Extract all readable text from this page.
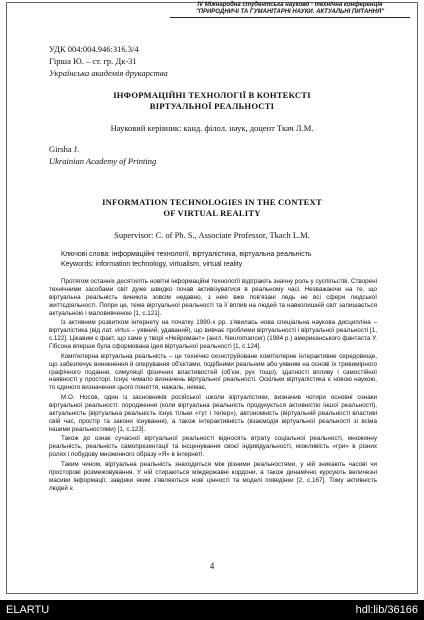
IV Міжнародна студентська науково - технічна конференція
"ПРИРОДНИЧІ ТА ГУМАНІТАРНІ НАУКИ. АКТУАЛЬНІ ПИТАННЯ"
УДК 004:004.946:316.3/4
Гірша Ю. – ст. гр. Дк-31
Українська академія друкарства
ІНФОРМАЦІЙНІ ТЕХНОЛОГІЇ В КОНТЕКСТІ
ВІРТУАЛЬНОЇ РЕАЛЬНОСТІ
Науковий керівник: канд. філол. наук, доцент Ткач Л.М.
Girsha J.
Ukrainian Academy of Printing
INFORMATION TECHNOLOGIES IN THE CONTEXT
OF VIRTUAL REALITY
Supervisor: C. of Ph. S., Associate Professor, Tkach L.M.
Ключові слова: інформаційні технології, віртуалістика, віртуальна реальність
Keywords: information technology, virtualism, virtual reality

Протягом останніх десятиліть новітні інформаційні технології відіграють значну роль у суспільстві. Створені технічними засобами світ дуже швидко почав активізуватися в реальному часі. Незважаючи на те, що віртуальна реальність виникла зовсім недавно, з нею вже пов'язані ледь не всі сфери людської життєдіяльності. Попри це, тема віртуальної реальності та її вплив на людей та навколишній світ залишається актуальною і маловивченою [1, с.121].

Із активним розвитком інтернету на початку 1990-х рр. з'явилась нова спеціальна наукова дисципліна – віртуалістика (від лат. virtus – уявний, удаваний), що вивчає проблеми віртуальності і віртуальної реальності [1, с.122]. Цікавим є факт, що саме у творі «Нейромант» (англ. Neuromancer) (1984 р.) американського фантаста У. Гібсона вперше була сформована ідея віртуальної реальності [1, с.124].

Комп'ютерна віртуальна реальність – це технічно сконструйоване комп'ютерне інтерактивне середовище, що забезпечує виникнення й оперування об'єктами, подібними реальним або уявним на основі їх тривимірного графічного подання, симуляції фізичних властивостей (об'єм, рух тощо), здатності впливу і самостійної наявності у просторі. Існує чимало визначень віртуальної реальності. Оскільки віртуалістика є новою наукою, то єдиного визначення цього поняття, нажаль, немає.

М.О. Носов, один із засновників російської школи віртуалістики, визначив чотири основні ознаки віртуальної реальності: породження (коли віртуальна реальність продукується активністю іншої реальності), актуальність (віртуальна реальність існує тільки «тут і тепер»), автономність (віртуальній реальності властиві свій час, простір та закони існування), а також інтерактивність (взаємодія віртуальної реальності зі всіма іншими реальностями) [1, с.123].

Також до ознак сучасної віртуальної реальності відносять втрату соціальної реальності, множинну реальність, реальність самопрезентації та інсценування своєї індивідуальності, можливість «гри» в різних ролях і побудову множинного образу «Я» в інтернеті.

Таким чином, віртуальна реальність знаходиться між різними реальностями, у ній зникають часові чи просторові розмежовування. У ній стираються міждержавні кордони, а також динамічно курсують величезні масиви інформації, завдяки яким з'являються нові цінності та моделі поведінки [2, с.167]. Тому активність людей є

4
ELARTU	hdl:lib/36166
